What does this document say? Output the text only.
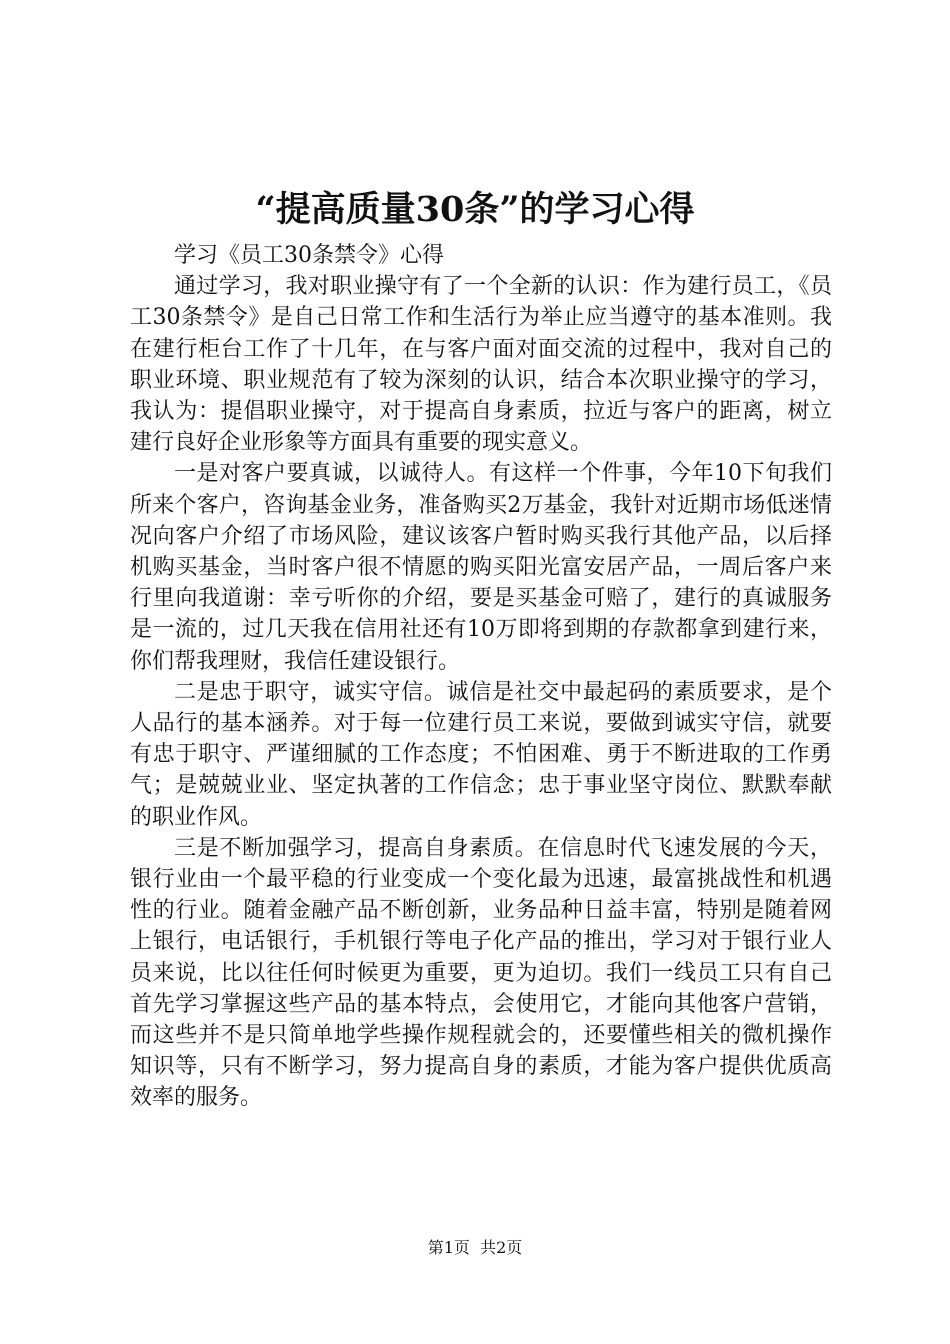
“提高质量30条”的学习心得

学习《员工30条禁令》心得

通过学习，我对职业操守有了一个全新的认识：作为建行员工，《员工30条禁令》是自己日常工作和生活行为举止应当遵守的基本准则。我在建行柜台工作了十几年，在与客户面对面交流的过程中，我对自己的职业环境、职业规范有了较为深刻的认识，结合本次职业操守的学习，我认为：提倡职业操守，对于提高自身素质，拉近与客户的距离，树立建行良好企业形象等方面具有重要的现实意义。

一是对客户要真诚，以诚待人。有这样一个件事，今年10下旬我们所来个客户，咨询基金业务，准备购买2万基金，我针对近期市场低迷情况向客户介绍了市场风险，建议该客户暂时购买我行其他产品，以后择机购买基金，当时客户很不情愿的购买阳光富安居产品，一周后客户来行里向我道谢：幸亏听你的介绍，要是买基金可赔了，建行的真诚服务是一流的，过几天我在信用社还有10万即将到期的存款都拿到建行来，你们帮我理财，我信任建设银行。

二是忠于职守，诚实守信。诚信是社交中最起码的素质要求，是个人品行的基本涵养。对于每一位建行员工来说，要做到诚实守信，就要有忠于职守、严谨细腻的工作态度；不怕困难、勇于不断进取的工作勇气；是兢兢业业、坚定执著的工作信念；忠于事业坚守岗位、默默奉献的职业作风。

三是不断加强学习，提高自身素质。在信息时代飞速发展的今天，银行业由一个最平稳的行业变成一个变化最为迅速，最富挑战性和机遇性的行业。随着金融产品不断创新，业务品种日益丰富，特别是随着网上银行，电话银行，手机银行等电子化产品的推出，学习对于银行业人员来说，比以往任何时候更为重要，更为迫切。我们一线员工只有自己首先学习掌握这些产品的基本特点，会使用它，才能向其他客户营销，而这些并不是只简单地学些操作规程就会的，还要懂些相关的微机操作知识等，只有不断学习，努力提高自身的素质，才能为客户提供优质高效率的服务。

第1页  共2页
